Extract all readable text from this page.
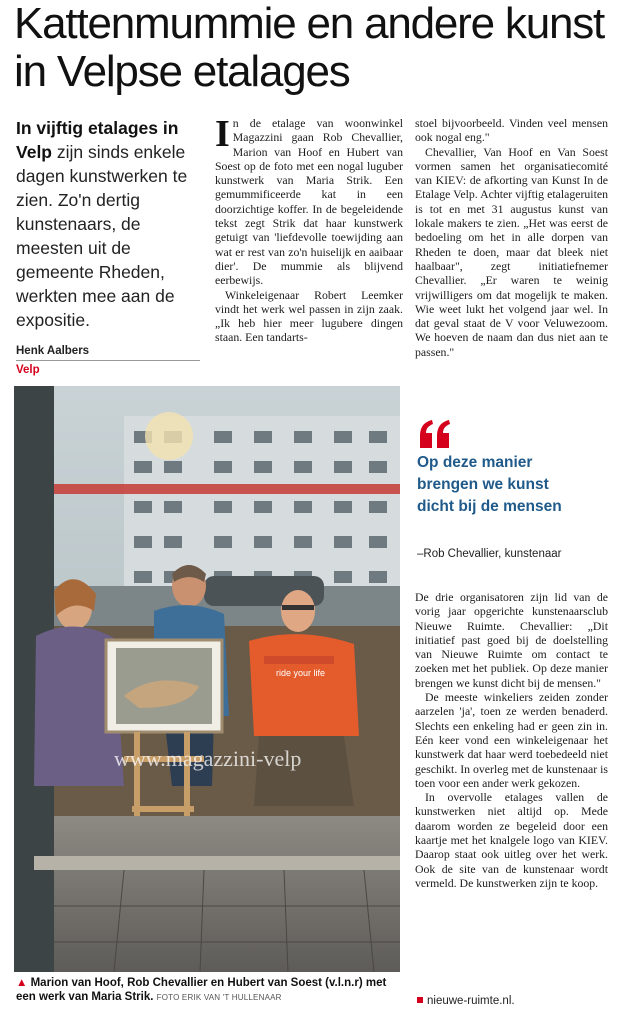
Kattenmummie en andere kunst in Velpse etalages

In vijftig etalages in Velp zijn sinds enkele dagen kunstwerken te zien. Zo'n dertig kunstenaars, de meesten uit de gemeente Rheden, werkten mee aan de expositie.

Henk Aalbers
Velp

In de etalage van woonwinkel Magazzini gaan Rob Chevallier, Marion van Hoof en Hubert van Soest op de foto met een nogal luguber kunstwerk van Maria Strik. Een gemummificeerde kat in een doorzichtige koffer. In de begeleidende tekst zegt Strik dat haar kunstwerk getuigt van 'liefdevolle toewijding aan wat er rest van zo'n huiselijk en aaibaar dier'. De mummie als blijvend eerbewijs.

Winkeleigenaar Robert Leemker vindt het werk wel passen in zijn zaak. „Ik heb hier meer lugubere dingen staan. Een tandarts-

stoel bijvoorbeeld. Vinden veel mensen ook nogal eng."

Chevallier, Van Hoof en Van Soest vormen samen het organisatiecomité van KIEV: de afkorting van Kunst In de Etalage Velp. Achter vijftig etalageruiten is tot en met 31 augustus kunst van lokale makers te zien. „Het was eerst de bedoeling om het in alle dorpen van Rheden te doen, maar dat bleek niet haalbaar", zegt initiatiefnemer Chevallier. „Er waren te weinig vrijwilligers om dat mogelijk te maken. Wie weet lukt het volgend jaar wel. In dat geval staat de V voor Veluwezoom. We hoeven de naam dan dus niet aan te passen."

Op deze manier brengen we kunst dicht bij de mensen
–Rob Chevallier, kunstenaar

De drie organisatoren zijn lid van de vorig jaar opgerichte kunstenaarsclub Nieuwe Ruimte. Chevallier: „Dit initiatief past goed bij de doelstelling van Nieuwe Ruimte om contact te zoeken met het publiek. Op deze manier brengen we kunst dicht bij de mensen."

De meeste winkeliers zeiden zonder aarzelen 'ja', toen ze werden benaderd. Slechts een enkeling had er geen zin in. Eén keer vond een winkeleigenaar het kunstwerk dat haar werd toebedeeld niet geschikt. In overleg met de kunstenaar is toen voor een ander werk gekozen.

In overvolle etalages vallen de kunstwerken niet altijd op. Mede daarom worden ze begeleid door een kaartje met het knalgele logo van KIEV. Daarop staat ook uitleg over het werk. Ook de site van de kunstenaar wordt vermeld. De kunstwerken zijn te koop.

ride your life
www.magazzini-velp
▲ Marion van Hoof, Rob Chevallier en Hubert van Soest (v.l.n.r) met een werk van Maria Strik. FOTO ERIK VAN 'T HULLENAAR	nieuwe-ruimte.nl.
